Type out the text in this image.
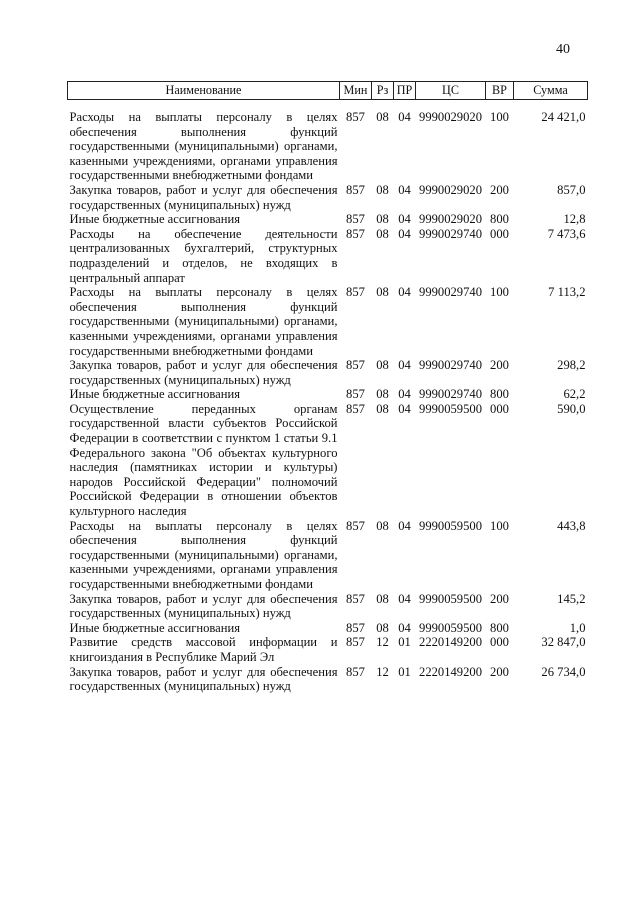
40
Наименование	Мин	Рз	ПР	ЦС	ВР	Сумма
Расходы на выплаты персоналу в целях обеспечения выполнения функций государственными (муниципальными) органами, казенными учреждениями, органами управления государственными внебюджетными фондами	857	08	04	9990029020	100	24 421,0
Закупка товаров, работ и услуг для обеспечения государственных (муниципальных) нужд	857	08	04	9990029020	200	857,0
Иные бюджетные ассигнования	857	08	04	9990029020	800	12,8
Расходы на обеспечение деятельности централизованных бухгалтерий, структурных подразделений и отделов, не входящих в центральный аппарат	857	08	04	9990029740	000	7 473,6
Расходы на выплаты персоналу в целях обеспечения выполнения функций государственными (муниципальными) органами, казенными учреждениями, органами управления государственными внебюджетными фондами	857	08	04	9990029740	100	7 113,2
Закупка товаров, работ и услуг для обеспечения государственных (муниципальных) нужд	857	08	04	9990029740	200	298,2
Иные бюджетные ассигнования	857	08	04	9990029740	800	62,2
Осуществление переданных органам государственной власти субъектов Российской Федерации в соответствии с пунктом 1 статьи 9.1 Федерального закона "Об объектах культурного наследия (памятниках истории и культуры) народов Российской Федерации" полномочий Российской Федерации в отношении объектов культурного наследия	857	08	04	9990059500	000	590,0
Расходы на выплаты персоналу в целях обеспечения выполнения функций государственными (муниципальными) органами, казенными учреждениями, органами управления государственными внебюджетными фондами	857	08	04	9990059500	100	443,8
Закупка товаров, работ и услуг для обеспечения государственных (муниципальных) нужд	857	08	04	9990059500	200	145,2
Иные бюджетные ассигнования	857	08	04	9990059500	800	1,0
Развитие средств массовой информации и книгоиздания в Республике Марий Эл	857	12	01	2220149200	000	32 847,0
Закупка товаров, работ и услуг для обеспечения государственных (муниципальных) нужд	857	12	01	2220149200	200	26 734,0
